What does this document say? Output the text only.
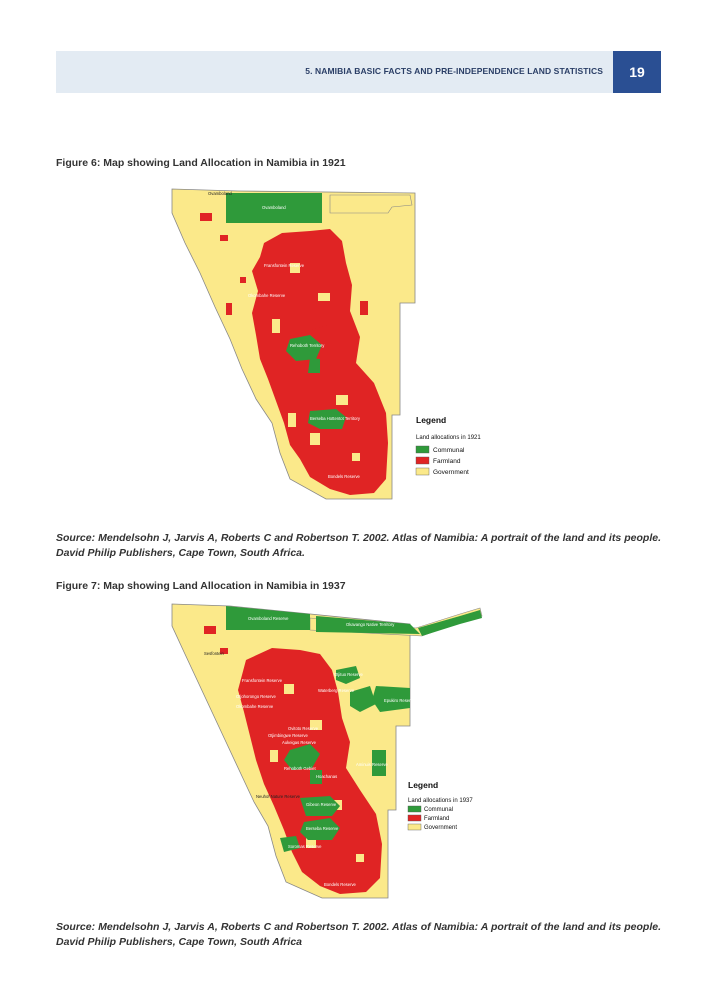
5. NAMIBIA BASIC FACTS AND PRE-INDEPENDENCE LAND STATISTICS	19
Figure 6: Map showing Land Allocation in Namibia in 1921
Ovamboland
Ovamboland
Fransfontein Reserve
Okombahe Reserve
Rehoboth Territory
Berseba Hottentot Territory
Bondels Reserve
Legend
Land allocations in 1921
Communal
Farmland
Government
Source: Mendelsohn J, Jarvis A, Roberts C and Robertson T. 2002. Atlas of Namibia: A portrait of the land and its people. David Philip Publishers, Cape Town, South Africa.
Figure 7: Map showing Land Allocation in Namibia in 1937
Ovamboland Reserve
Okavango Native Territory
Sesfontein
Fransfontein Reserve
Otjituo Reserve
Waterberg Reserve
Otjohorongo Reserve
Okombahe Reserve
Epukiro Reserve
Ovitoto Reserve
Otjimbingwe Reserve
Aukeigas Reserve
Rehoboth Gebiet
Aminuis Reserve
Hoachanas
Neuhof Nature Reserve
Gibeon Reserve
Berseba Reserve
Soromas Reserve
Bondels Reserve
Legend
Land allocations in 1937
Communal
Farmland
Government
Source: Mendelsohn J, Jarvis A, Roberts C and Robertson T. 2002. Atlas of Namibia: A portrait of the land and its people. David Philip Publishers, Cape Town, South Africa
